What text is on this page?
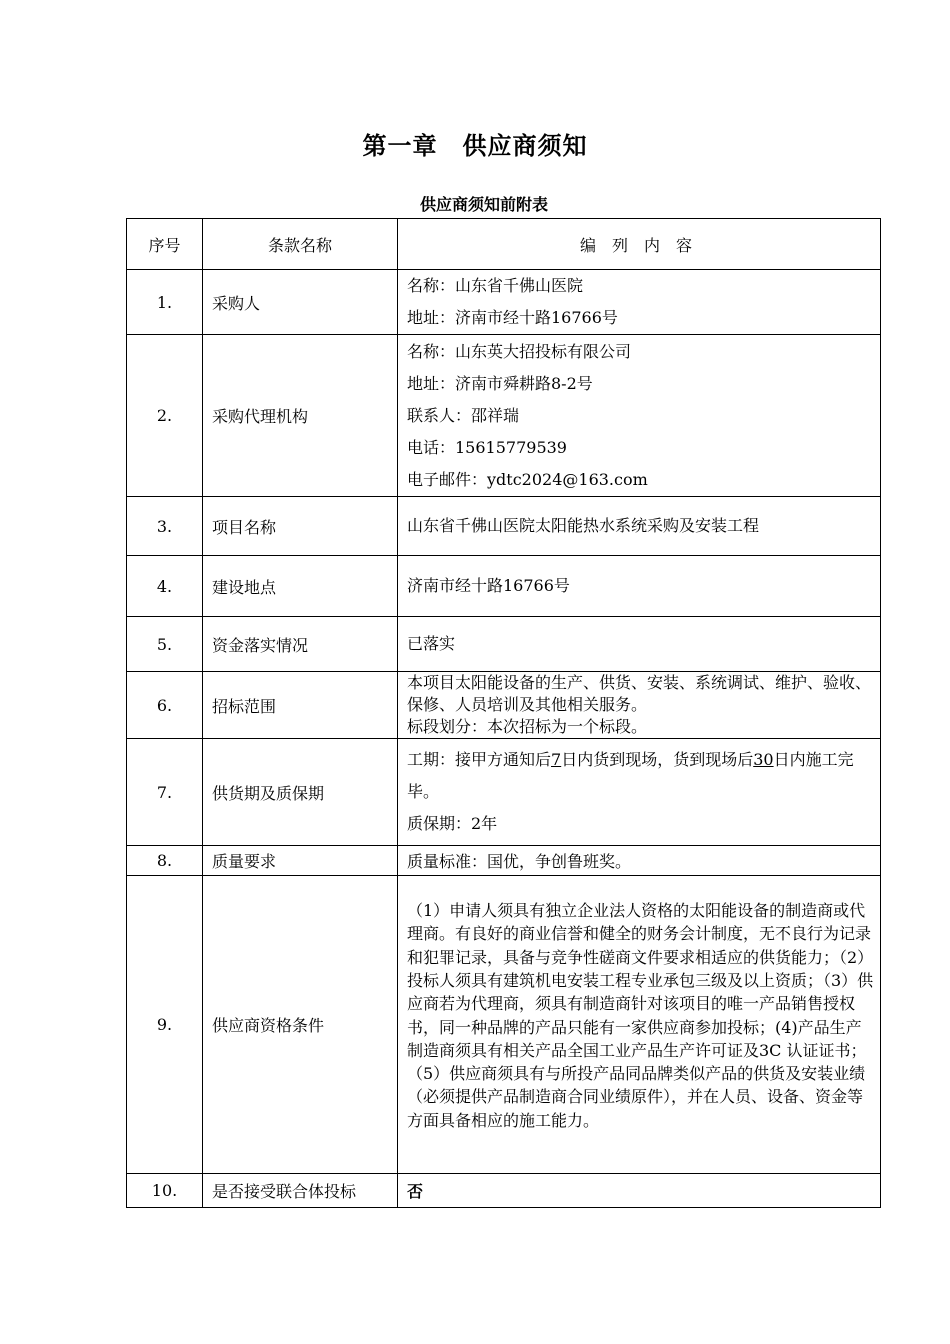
第一章　供应商须知
供应商须知前附表
序号	条款名称	编　列　内　容
1.	采购人	名称：山东省千佛山医院
地址：济南市经十路16766号

2.	采购代理机构	名称：山东英大招投标有限公司
地址：济南市舜耕路8-2号
联系人：邵祥瑞
电话：15615779539
电子邮件：ydtc2024@163.com

3.	项目名称	山东省千佛山医院太阳能热水系统采购及安装工程

4.	建设地点	济南市经十路16766号

5.	资金落实情况	已落实

6.	招标范围	本项目太阳能设备的生产、供货、安装、系统调试、维护、验收、保修、人员培训及其他相关服务。
标段划分：本次招标为一个标段。

7.	供货期及质保期	工期：接甲方通知后7日内货到现场，货到现场后30日内施工完毕。
质保期：2年

8.	质量要求	质量标准：国优，争创鲁班奖。

9.	供应商资格条件	（1）申请人须具有独立企业法人资格的太阳能设备的制造商或代理商。有良好的商业信誉和健全的财务会计制度，无不良行为记录和犯罪记录，具备与竞争性磋商文件要求相适应的供货能力；（2）投标人须具有建筑机电安装工程专业承包三级及以上资质；（3）供应商若为代理商，须具有制造商针对该项目的唯一产品销售授权书，同一种品牌的产品只能有一家供应商参加投标；(4)产品生产制造商须具有相关产品全国工业产品生产许可证及3C 认证证书；（5）供应商须具有与所投产品同品牌类似产品的供货及安装业绩（必须提供产品制造商合同业绩原件），并在人员、设备、资金等方面具备相应的施工能力。
10.	是否接受联合体投标	否
